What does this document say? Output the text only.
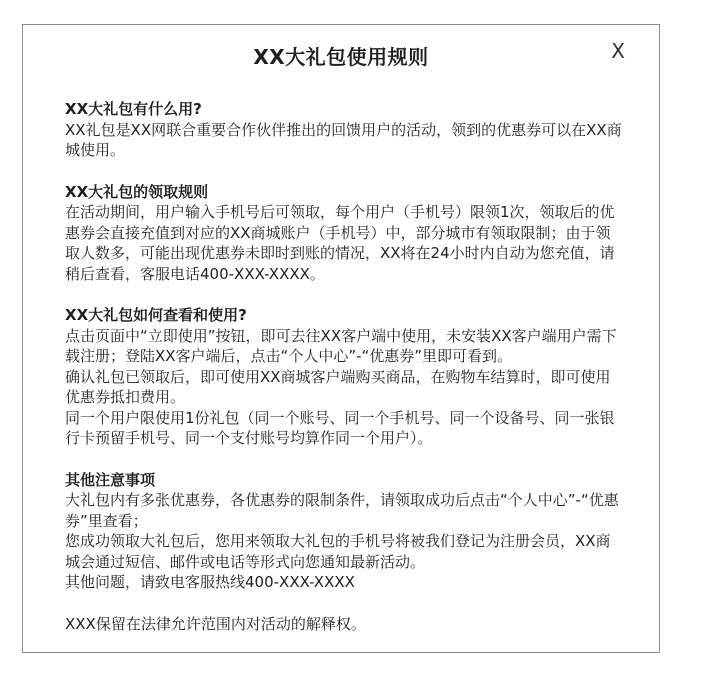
XX大礼包使用规则	X
XX大礼包有什么用?

XX礼包是XX网联合重要合作伙伴推出的回馈用户的活动，领到的优惠券可以在XX商城使用。

XX大礼包的领取规则

在活动期间，用户输入手机号后可领取，每个用户（手机号）限领1次，领取后的优惠券会直接充值到对应的XX商城账户（手机号）中，部分城市有领取限制；由于领取人数多，可能出现优惠券未即时到账的情况，XX将在24小时内自动为您充值，请稍后查看，客服电话400-XXX-XXXX。

XX大礼包如何查看和使用?

点击页面中“立即使用”按钮，即可去往XX客户端中使用，未安装XX客户端用户需下载注册；登陆XX客户端后，点击“个人中心”-“优惠券”里即可看到。

确认礼包已领取后，即可使用XX商城客户端购买商品，在购物车结算时，即可使用优惠券抵扣费用。

同一个用户限使用1份礼包（同一个账号、同一个手机号、同一个设备号、同一张银行卡预留手机号、同一个支付账号均算作同一个用户）。

其他注意事项

大礼包内有多张优惠券，各优惠券的限制条件，请领取成功后点击“个人中心”-“优惠券”里查看；

您成功领取大礼包后，您用来领取大礼包的手机号将被我们登记为注册会员，XX商城会通过短信、邮件或电话等形式向您通知最新活动。

其他问题，请致电客服热线400-XXX-XXXX

XXX保留在法律允许范围内对活动的解释权。
